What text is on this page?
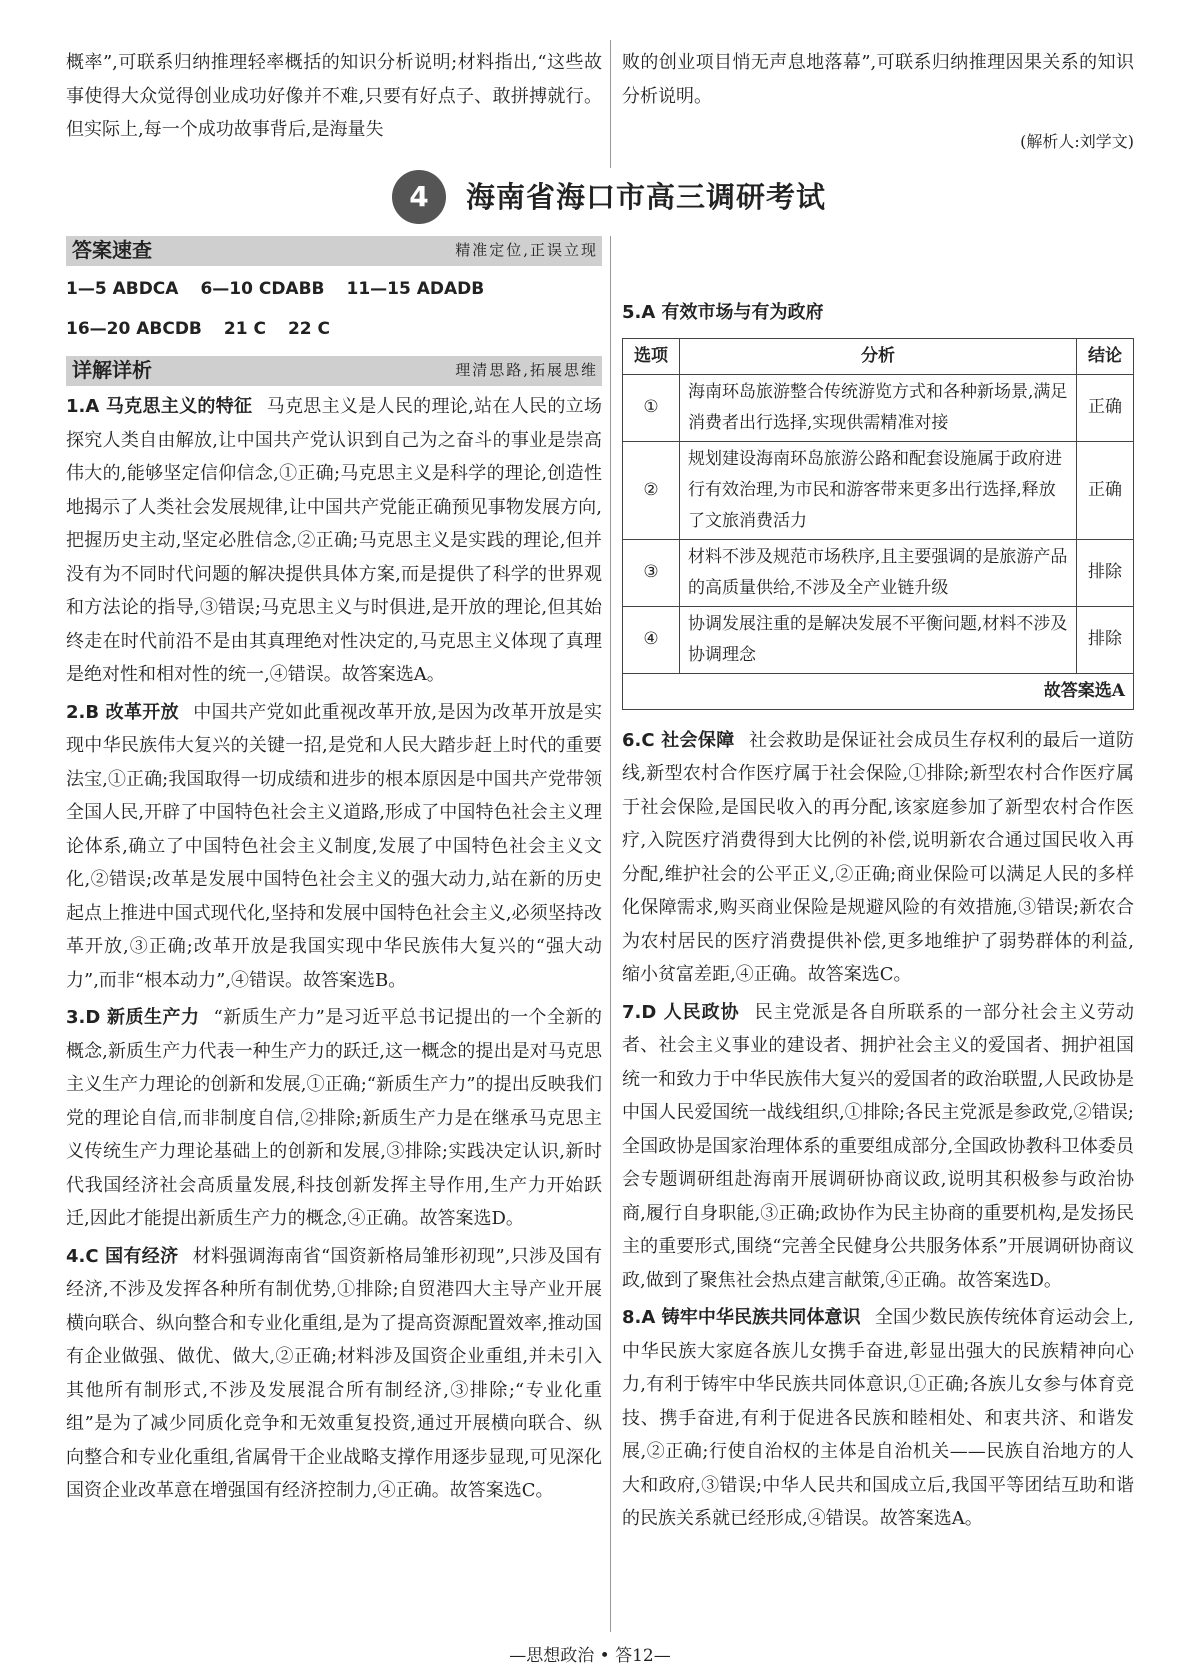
概率”,可联系归纳推理轻率概括的知识分析说明;材料指出,“这些故事使得大众觉得创业成功好像并不难,只要有好点子、敢拼搏就行。但实际上,每一个成功故事背后,是海量失

败的创业项目悄无声息地落幕”,可联系归纳推理因果关系的知识分析说明。

(解析人:刘学文)

4	海南省海口市高三调研考试
答案速查	精准定位,正误立现
1—5 ABDCA 6—10 CDABB 11—15 ADADB
16—20 ABCDB 21 C 22 C
详解详析	理清思路,拓展思维

1.A 马克思主义的特征 马克思主义是人民的理论,站在人民的立场探究人类自由解放,让中国共产党认识到自己为之奋斗的事业是崇高伟大的,能够坚定信仰信念,①正确;马克思主义是科学的理论,创造性地揭示了人类社会发展规律,让中国共产党能正确预见事物发展方向,把握历史主动,坚定必胜信念,②正确;马克思主义是实践的理论,但并没有为不同时代问题的解决提供具体方案,而是提供了科学的世界观和方法论的指导,③错误;马克思主义与时俱进,是开放的理论,但其始终走在时代前沿不是由其真理绝对性决定的,马克思主义体现了真理是绝对性和相对性的统一,④错误。故答案选A。

2.B 改革开放 中国共产党如此重视改革开放,是因为改革开放是实现中华民族伟大复兴的关键一招,是党和人民大踏步赶上时代的重要法宝,①正确;我国取得一切成绩和进步的根本原因是中国共产党带领全国人民,开辟了中国特色社会主义道路,形成了中国特色社会主义理论体系,确立了中国特色社会主义制度,发展了中国特色社会主义文化,②错误;改革是发展中国特色社会主义的强大动力,站在新的历史起点上推进中国式现代化,坚持和发展中国特色社会主义,必须坚持改革开放,③正确;改革开放是我国实现中华民族伟大复兴的“强大动力”,而非“根本动力”,④错误。故答案选B。

3.D 新质生产力 “新质生产力”是习近平总书记提出的一个全新的概念,新质生产力代表一种生产力的跃迁,这一概念的提出是对马克思主义生产力理论的创新和发展,①正确;“新质生产力”的提出反映我们党的理论自信,而非制度自信,②排除;新质生产力是在继承马克思主义传统生产力理论基础上的创新和发展,③排除;实践决定认识,新时代我国经济社会高质量发展,科技创新发挥主导作用,生产力开始跃迁,因此才能提出新质生产力的概念,④正确。故答案选D。

4.C 国有经济 材料强调海南省“国资新格局雏形初现”,只涉及国有经济,不涉及发挥各种所有制优势,①排除;自贸港四大主导产业开展横向联合、纵向整合和专业化重组,是为了提高资源配置效率,推动国有企业做强、做优、做大,②正确;材料涉及国资企业重组,并未引入其他所有制形式,不涉及发展混合所有制经济,③排除;“专业化重组”是为了减少同质化竞争和无效重复投资,通过开展横向联合、纵向整合和专业化重组,省属骨干企业战略支撑作用逐步显现,可见深化国资企业改革意在增强国有经济控制力,④正确。故答案选C。

5.A 有效市场与有为政府

选项	分析	结论
①	海南环岛旅游整合传统游览方式和各种新场景,满足消费者出行选择,实现供需精准对接	正确
②	规划建设海南环岛旅游公路和配套设施属于政府进行有效治理,为市民和游客带来更多出行选择,释放了文旅消费活力	正确
③	材料不涉及规范市场秩序,且主要强调的是旅游产品的高质量供给,不涉及全产业链升级	排除
④	协调发展注重的是解决发展不平衡问题,材料不涉及协调理念	排除
故答案选A		

6.C 社会保障 社会救助是保证社会成员生存权利的最后一道防线,新型农村合作医疗属于社会保险,①排除;新型农村合作医疗属于社会保险,是国民收入的再分配,该家庭参加了新型农村合作医疗,入院医疗消费得到大比例的补偿,说明新农合通过国民收入再分配,维护社会的公平正义,②正确;商业保险可以满足人民的多样化保障需求,购买商业保险是规避风险的有效措施,③错误;新农合为农村居民的医疗消费提供补偿,更多地维护了弱势群体的利益,缩小贫富差距,④正确。故答案选C。

7.D 人民政协 民主党派是各自所联系的一部分社会主义劳动者、社会主义事业的建设者、拥护社会主义的爱国者、拥护祖国统一和致力于中华民族伟大复兴的爱国者的政治联盟,人民政协是中国人民爱国统一战线组织,①排除;各民主党派是参政党,②错误;全国政协是国家治理体系的重要组成部分,全国政协教科卫体委员会专题调研组赴海南开展调研协商议政,说明其积极参与政治协商,履行自身职能,③正确;政协作为民主协商的重要机构,是发扬民主的重要形式,围绕“完善全民健身公共服务体系”开展调研协商议政,做到了聚焦社会热点建言献策,④正确。故答案选D。

8.A 铸牢中华民族共同体意识 全国少数民族传统体育运动会上,中华民族大家庭各族儿女携手奋进,彰显出强大的民族精神向心力,有利于铸牢中华民族共同体意识,①正确;各族儿女参与体育竞技、携手奋进,有利于促进各民族和睦相处、和衷共济、和谐发展,②正确;行使自治权的主体是自治机关——民族自治地方的人大和政府,③错误;中华人民共和国成立后,我国平等团结互助和谐的民族关系就已经形成,④错误。故答案选A。

—思想政治 • 答12—
